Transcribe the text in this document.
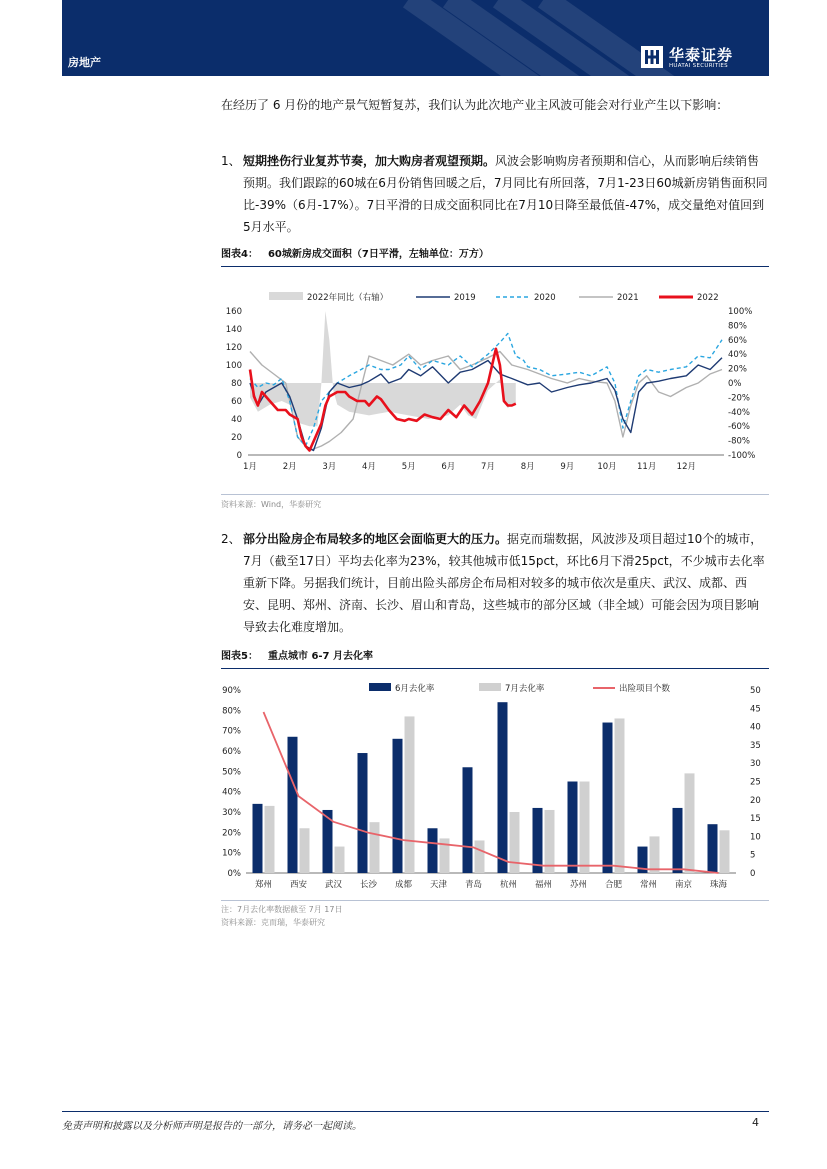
房地产	华泰证券
HUATAI SECURITIES

在经历了 6 月份的地产景气短暂复苏，我们认为此次地产业主风波可能会对行业产生以下影响：

1、 短期挫伤行业复苏节奏，加大购房者观望预期。风波会影响购房者预期和信心，从而影响后续销售预期。我们跟踪的60城在6月份销售回暖之后，7月同比有所回落，7月1-23日60城新房销售面积同比-39%（6月-17%）。7日平滑的日成交面积同比在7月10日降至最低值-47%，成交量绝对值回到5月水平。
图表4： 60城新房成交面积（7日平滑，左轴单位：万方）
0
20
40
60
80
100
120
140
160
-100%
-80%
-60%
-40%
-20%
0%
20%
40%
60%
80%
100%
1月	2月	3月	4月	5月	6月	7月	8月	9月	10月 11月 12月
2022年同比（右轴）	2019	2020	2021	2022
资料来源：Wind，华泰研究
2、 部分出险房企布局较多的地区会面临更大的压力。据克而瑞数据，风波涉及项目超过10个的城市，7月（截至17日）平均去化率为23%，较其他城市低15pct，环比6月下滑25pct，不少城市去化率重新下降。另据我们统计，目前出险头部房企布局相对较多的城市依次是重庆、武汉、成都、西安、昆明、郑州、济南、长沙、眉山和青岛，这些城市的部分区域（非全域）可能会因为项目影响导致去化难度增加。
图表5： 重点城市 6-7 月去化率
0%
10%
20%
30%
40%
50%
60%
70%
80%
90%
0
5
10
15
20
25
30
35
40
45
50
郑州 西安 武汉 长沙 成都 天津 青岛 杭州 福州 苏州 合肥 常州 南京 珠海
6月去化率	7月去化率	出险项目个数
注：7月去化率数据截至 7月 17日
资料来源：克而瑞，华泰研究
免责声明和披露以及分析师声明是报告的一部分，请务必一起阅读。	4
